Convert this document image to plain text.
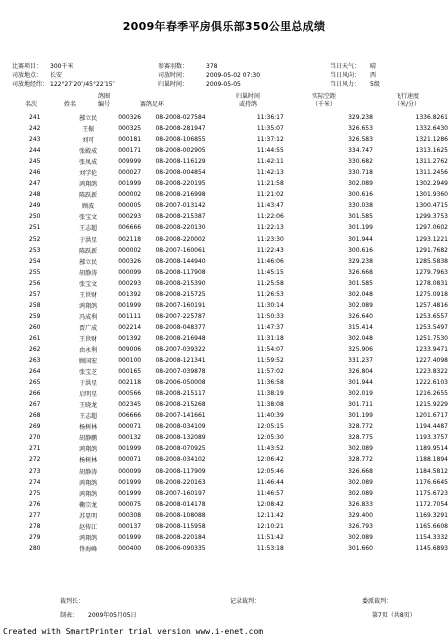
2009年春季平房俱乐部350公里总成绩
比赛项目： 300千米
司放地点： 长安
司放地经纬： 122°27′20″/45°22′15″
参赛羽数：	378
司放时间：	2009-05-02 07:30
归巢时间：	2009-05-05
当日天气： 晴
当日风向： 西
当日风力： 5级
名次	姓名
鸽圈
编号	赛鸽足环
归巢时间
或持鸽
实际空距
（千米）
飞行速度
（米/分）
241	鄯立民	000326	08-2008-027584	11:36:17	329.238	1336.8261
242	王振	000325	08-2008-281947	11:35:07	326.653	1332.6430
243	刘可	000181	08-2008-106855	11:37:12	326.583	1321.1286
244	张殿成	000171	08-2008-002905	11:44:55	334.747	1313.1625
245	张凤成	009999	08-2008-116129	11:42:11	330.682	1311.2762
246	刘学伦	000027	08-2008-004854	11:42:13	330.718	1311.2456
247	鸿翔鸽	001999	08-2008-220195	11:21:58	302.089	1302.2949
248	陈跃新	000002	08-2008-216998	11:21:02	300.616	1301.9360
249	顾波	000005	08-2007-013142	11:43:47	330.038	1300.4715
250	张宝文	000293	08-2008-215387	11:22:06	301.585	1299.3753
251	王志超	006666	08-2008-220130	11:22:13	301.199	1297.0602
252	于洪星	002118	08-2008-220002	11:23:30	301.944	1293.1221
253	陈跃新	000002	08-2007-160061	11:22:43	300.616	1291.7682
254	鄯立民	000326	08-2008-144940	11:46:06	329.238	1285.5838
255	胡静涛	000099	08-2008-117908	11:45:15	326.668	1279.7963
256	张宝文	000293	08-2008-215390	11:25:58	301.585	1278.0831
257	王世财	001392	08-2008-215725	11:26:53	302.048	1275.0918
258	鸿翔鸽	001999	08-2007-160191	11:30:14	302.089	1257.4816
259	冯成利	001111	08-2007-225787	11:50:33	326.640	1253.6557
260	贾广成	002214	08-2008-048377	11:47:37	315.414	1253.5497
261	王世财	001392	08-2008-216948	11:31:18	302.048	1251.7530
262	由永利	009006	08-2007-039322	11:54:07	325.906	1233.9471
263	顾国宏	000100	08-2008-121341	11:59:52	331.237	1227.4098
264	张宝芝	000165	08-2007-039878	11:57:02	326.804	1223.8322
265	于洪星	002118	08-2006-050008	11:36:58	301.944	1222.6103
266	启明星	000566	08-2008-215117	11:38:19	302.019	1216.2655
267	王晓龙	002345	08-2008-215268	11:38:08	301.711	1215.9229
268	王志超	006666	08-2007-141661	11:40:39	301.199	1201.6717
269	杨树林	000071	08-2008-034109	12:05:15	328.772	1194.4487
270	胡静鹏	000132	08-2008-132089	12:05:30	328.775	1193.3757
271	鸿翔鸽	001999	08-2008-070925	11:43:52	302.089	1189.9514
272	杨树林	000071	08-2008-034102	12:06:42	328.772	1188.1894
273	胡静涛	000099	08-2008-117909	12:05:46	326.668	1184.5812
274	鸿翔鸽	001999	08-2008-220163	11:46:44	302.089	1176.6645
275	鸿翔鸽	001999	08-2007-160197	11:46:57	302.089	1175.6723
276	鞠宗龙	000075	08-2008-014178	12:08:42	326.833	1172.7054
277	苏显明	000308	08-2008-108088	12:11:42	329.400	1169.3291
278	赵传江	000137	08-2008-115958	12:10:21	326.793	1165.6608
279	鸿翔鸽	001999	08-2008-220184	11:51:42	302.089	1154.3332
280	佟海峰	000400	08-2006-090335	11:53:18	301.660	1145.6893
裁判长：	记录裁判：	委派裁判：
制表： 2009年05月05日	第7页（共8页）
Created with SmartPrinter trial version www.i-enet.com
